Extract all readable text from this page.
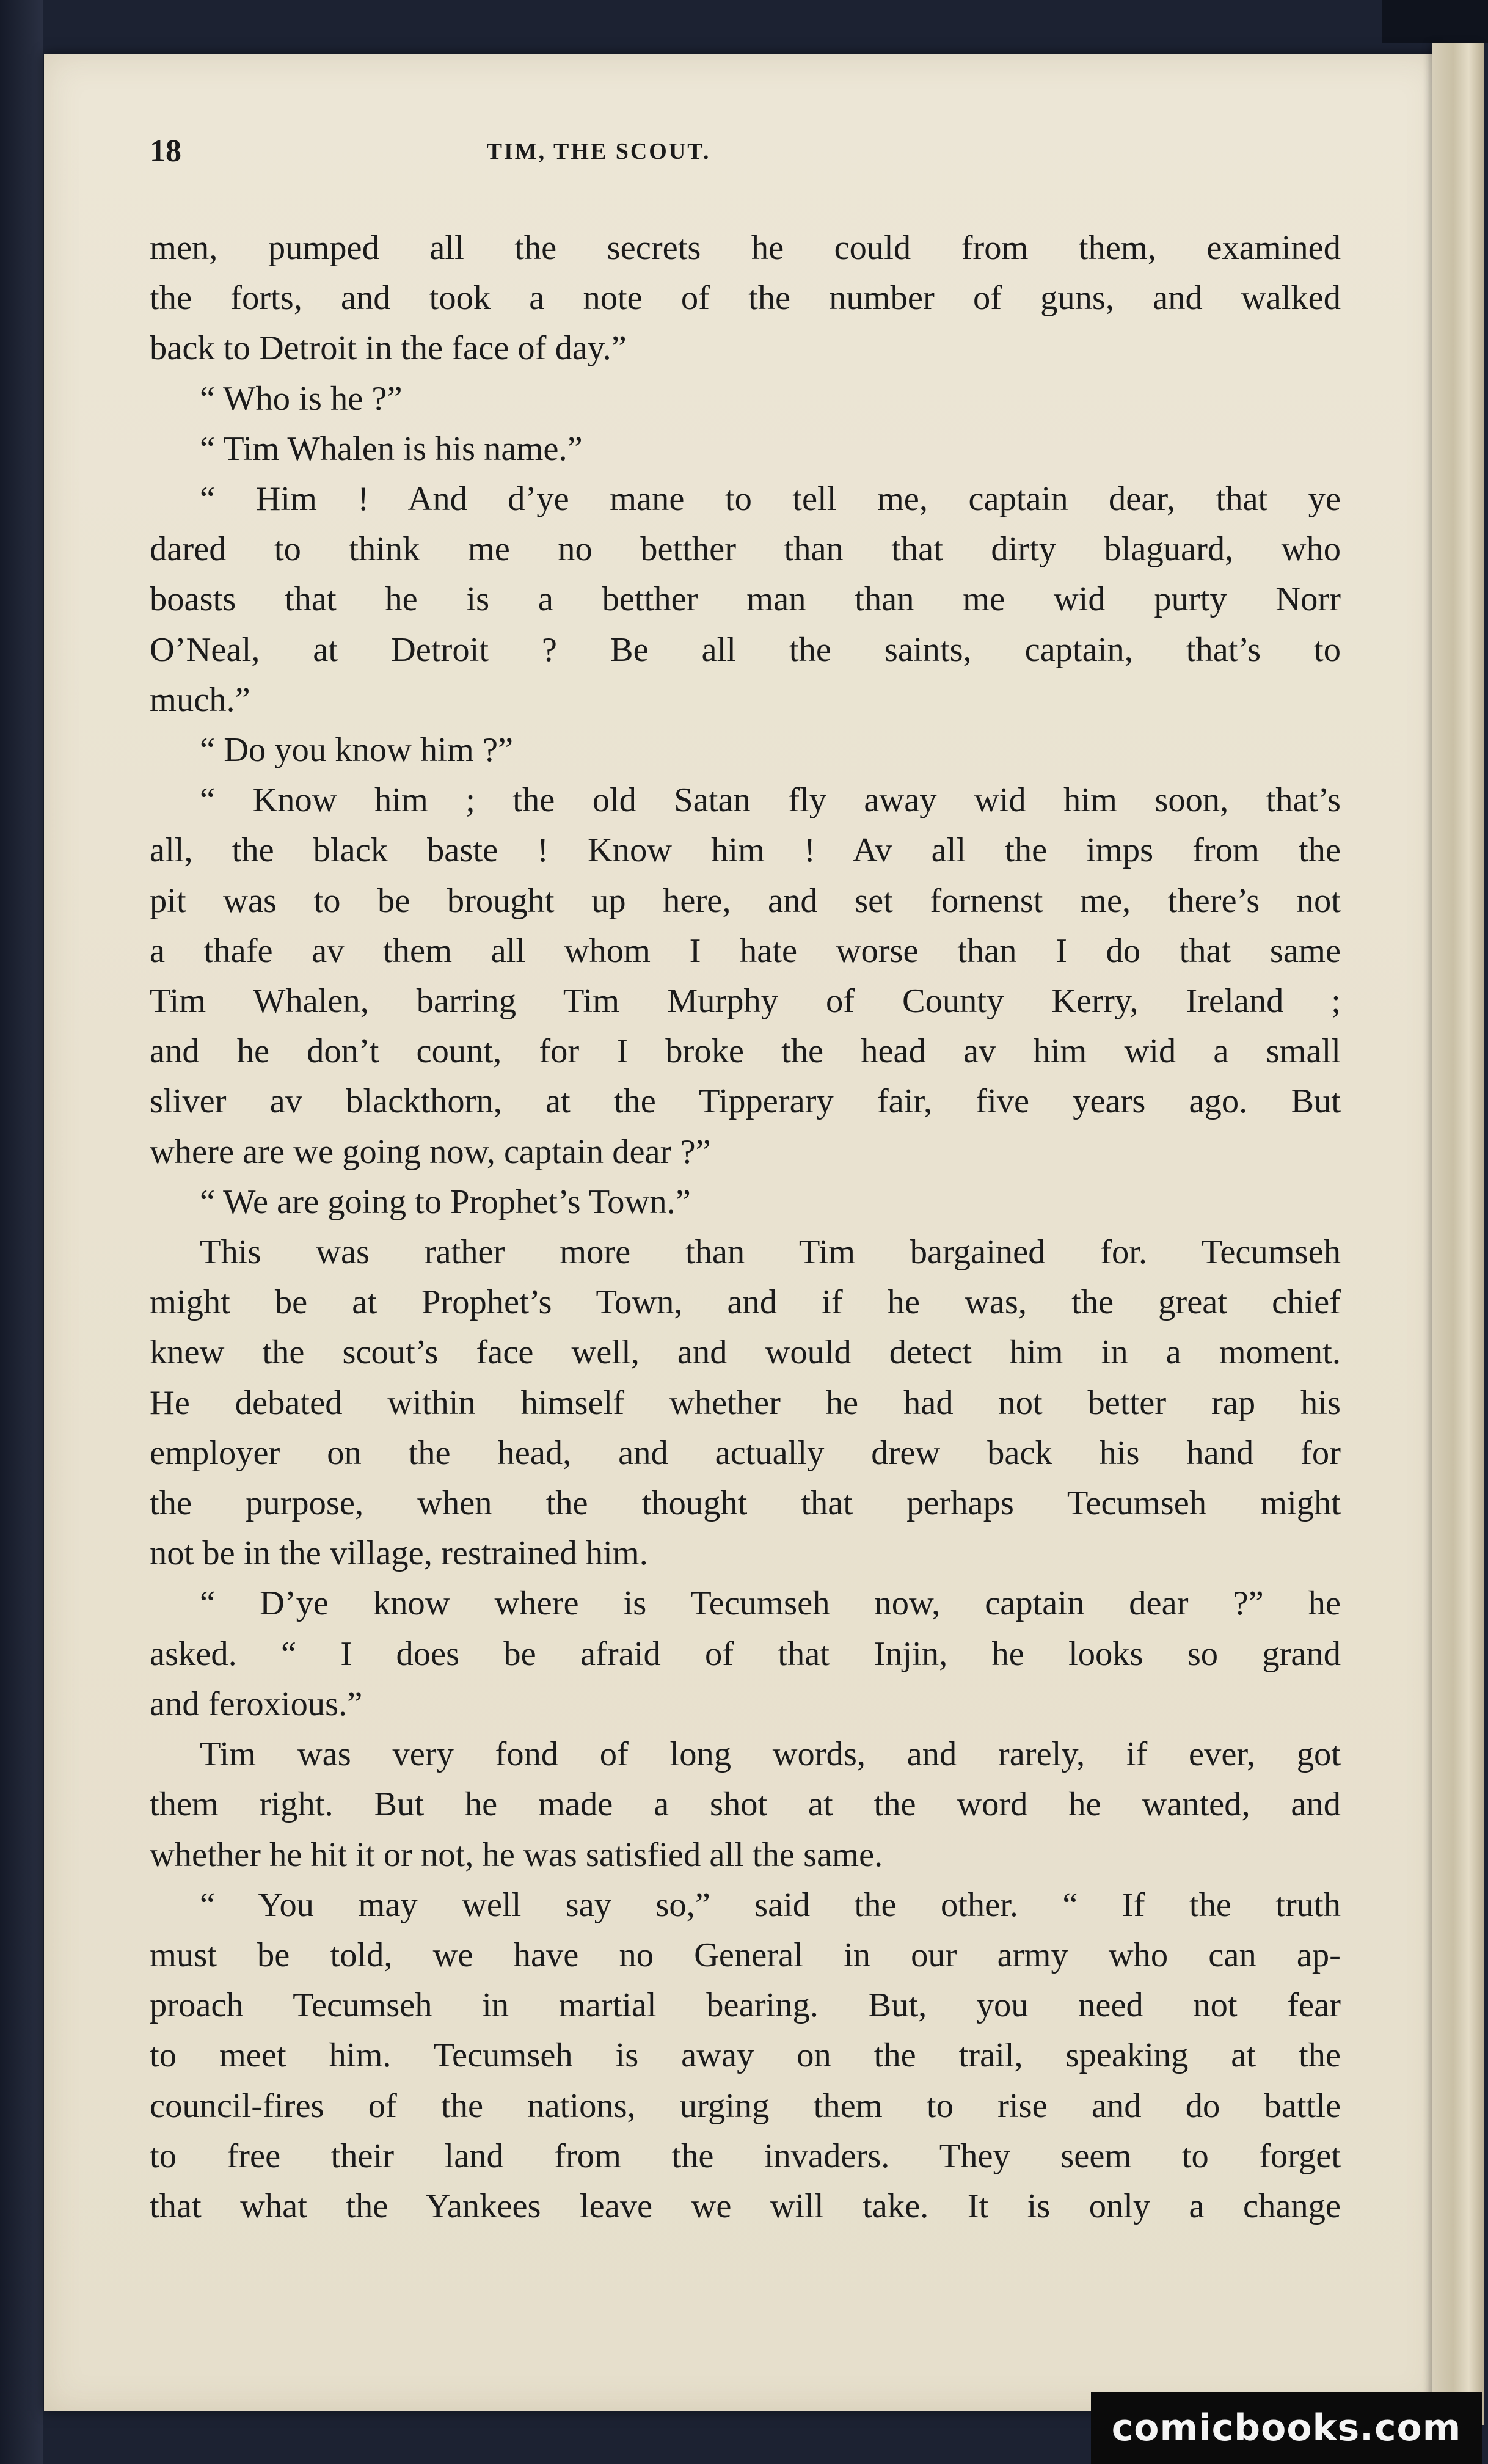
18	TIM, THE SCOUT.
men, pumped all the secrets he could from them, examined
the forts, and took a note of the number of guns, and walked
back to Detroit in the face of day.”
“ Who is he ?”
“ Tim Whalen is his name.”
“ Him ! And d’ye mane to tell me, captain dear, that ye
dared to think me no betther than that dirty blaguard, who
boasts that he is a betther man than me wid purty Norr
O’Neal, at Detroit ? Be all the saints, captain, that’s to
much.”
“ Do you know him ?”
“ Know him ; the old Satan fly away wid him soon, that’s
all, the black baste ! Know him ! Av all the imps from the
pit was to be brought up here, and set fornenst me, there’s not
a thafe av them all whom I hate worse than I do that same
Tim Whalen, barring Tim Murphy of County Kerry, Ireland ;
and he don’t count, for I broke the head av him wid a small
sliver av blackthorn, at the Tipperary fair, five years ago. But
where are we going now, captain dear ?”
“ We are going to Prophet’s Town.”
This was rather more than Tim bargained for. Tecumseh
might be at Prophet’s Town, and if he was, the great chief
knew the scout’s face well, and would detect him in a moment.
He debated within himself whether he had not better rap his
employer on the head, and actually drew back his hand for
the purpose, when the thought that perhaps Tecumseh might
not be in the village, restrained him.
“ D’ye know where is Tecumseh now, captain dear ?” he
asked. “ I does be afraid of that Injin, he looks so grand
and feroxious.”
Tim was very fond of long words, and rarely, if ever, got
them right. But he made a shot at the word he wanted, and
whether he hit it or not, he was satisfied all the same.
“ You may well say so,” said the other. “ If the truth
must be told, we have no General in our army who can ap-
proach Tecumseh in martial bearing. But, you need not fear
to meet him. Tecumseh is away on the trail, speaking at the
council-fires of the nations, urging them to rise and do battle
to free their land from the invaders. They seem to forget
that what the Yankees leave we will take. It is only a change
comicbooks.com
